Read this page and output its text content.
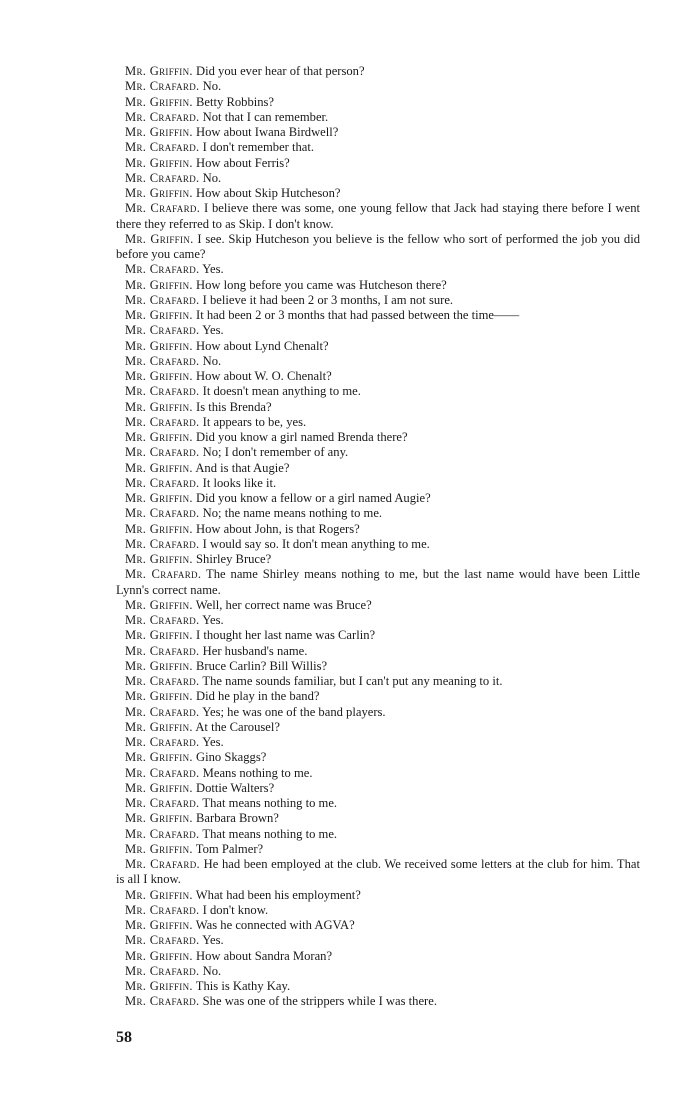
Mr. Griffin. Did you ever hear of that person?

Mr. Crafard. No.

Mr. Griffin. Betty Robbins?

Mr. Crafard. Not that I can remember.

Mr. Griffin. How about Iwana Birdwell?

Mr. Crafard. I don't remember that.

Mr. Griffin. How about Ferris?

Mr. Crafard. No.

Mr. Griffin. How about Skip Hutcheson?

Mr. Crafard. I believe there was some, one young fellow that Jack had staying there before I went there they referred to as Skip. I don't know.

Mr. Griffin. I see. Skip Hutcheson you believe is the fellow who sort of performed the job you did before you came?

Mr. Crafard. Yes.

Mr. Griffin. How long before you came was Hutcheson there?

Mr. Crafard. I believe it had been 2 or 3 months, I am not sure.

Mr. Griffin. It had been 2 or 3 months that had passed between the time——

Mr. Crafard. Yes.

Mr. Griffin. How about Lynd Chenalt?

Mr. Crafard. No.

Mr. Griffin. How about W. O. Chenalt?

Mr. Crafard. It doesn't mean anything to me.

Mr. Griffin. Is this Brenda?

Mr. Crafard. It appears to be, yes.

Mr. Griffin. Did you know a girl named Brenda there?

Mr. Crafard. No; I don't remember of any.

Mr. Griffin. And is that Augie?

Mr. Crafard. It looks like it.

Mr. Griffin. Did you know a fellow or a girl named Augie?

Mr. Crafard. No; the name means nothing to me.

Mr. Griffin. How about John, is that Rogers?

Mr. Crafard. I would say so. It don't mean anything to me.

Mr. Griffin. Shirley Bruce?

Mr. Crafard. The name Shirley means nothing to me, but the last name would have been Little Lynn's correct name.

Mr. Griffin. Well, her correct name was Bruce?

Mr. Crafard. Yes.

Mr. Griffin. I thought her last name was Carlin?

Mr. Crafard. Her husband's name.

Mr. Griffin. Bruce Carlin? Bill Willis?

Mr. Crafard. The name sounds familiar, but I can't put any meaning to it.

Mr. Griffin. Did he play in the band?

Mr. Crafard. Yes; he was one of the band players.

Mr. Griffin. At the Carousel?

Mr. Crafard. Yes.

Mr. Griffin. Gino Skaggs?

Mr. Crafard. Means nothing to me.

Mr. Griffin. Dottie Walters?

Mr. Crafard. That means nothing to me.

Mr. Griffin. Barbara Brown?

Mr. Crafard. That means nothing to me.

Mr. Griffin. Tom Palmer?

Mr. Crafard. He had been employed at the club. We received some letters at the club for him. That is all I know.

Mr. Griffin. What had been his employment?

Mr. Crafard. I don't know.

Mr. Griffin. Was he connected with AGVA?

Mr. Crafard. Yes.

Mr. Griffin. How about Sandra Moran?

Mr. Crafard. No.

Mr. Griffin. This is Kathy Kay.

Mr. Crafard. She was one of the strippers while I was there.

58
